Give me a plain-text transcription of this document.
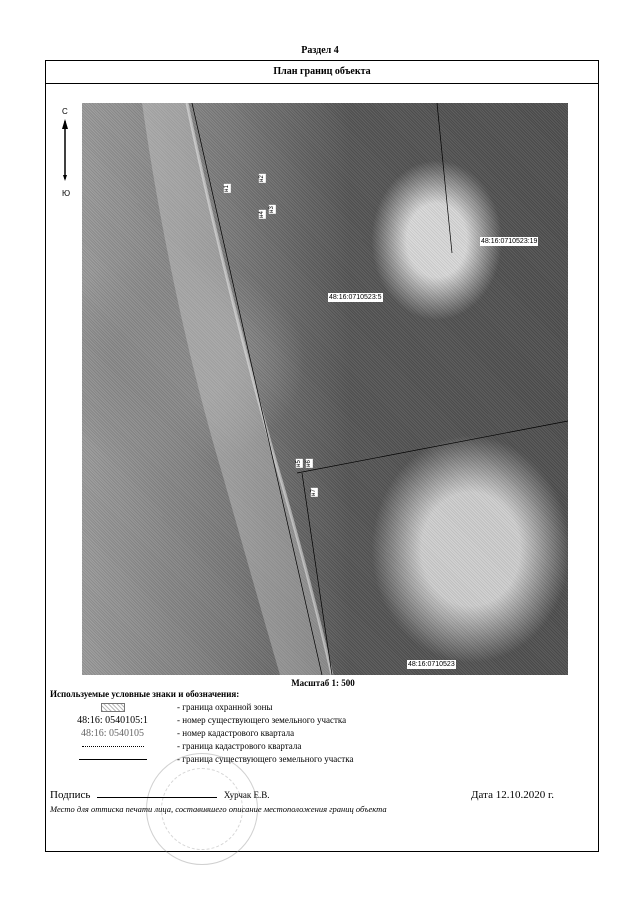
Раздел 4
План границ объекта
С
Ю
48:16:0710523:19
48:16:0710523:5
48:16:0710523
н1
н2
н3
н4
н5 н6
н7
Масштаб 1: 500
Используемые условные знаки и обозначения:
- граница охранной зоны
48:16: 0540105:1	- номер существующего земельного участка
48:16: 0540105	- номер кадастрового квартала
- граница кадастрового квартала
- граница существующего земельного участка
Подпись	Хурчак Е.В.	Дата 12.10.2020 г.
Место для оттиска печати лица, составившего описание местоположения границ объекта
